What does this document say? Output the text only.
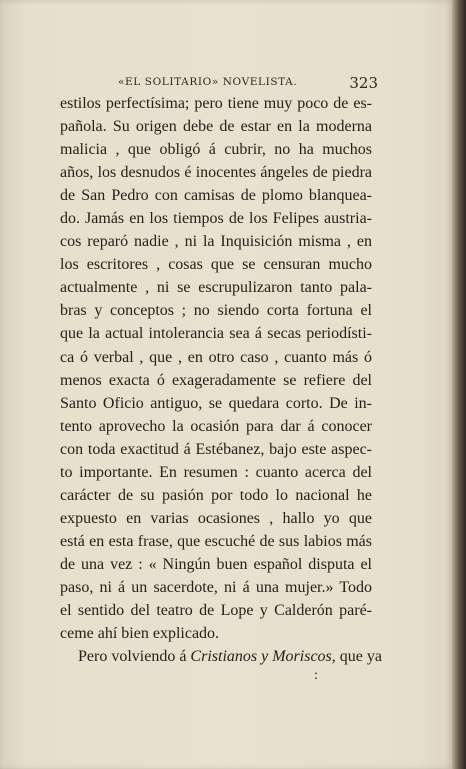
«EL SOLITARIO» NOVELISTA.	323
estilos perfectísima; pero tiene muy poco de es-
pañola. Su origen debe de estar en la moderna
malicia , que obligó á cubrir, no ha muchos
años, los desnudos é inocentes ángeles de piedra
de San Pedro con camisas de plomo blanquea-
do. Jamás en los tiempos de los Felipes austria-
cos reparó nadie , ni la Inquisición misma , en
los escritores , cosas que se censuran mucho
actualmente , ni se escrupulizaron tanto pala-
bras y conceptos ; no siendo corta fortuna el
que la actual intolerancia sea á secas periodísti-
ca ó verbal , que , en otro caso , cuanto más ó
menos exacta ó exageradamente se refiere del
Santo Oficio antiguo, se quedara corto. De in-
tento aprovecho la ocasión para dar á conocer
con toda exactitud á Estébanez, bajo este aspec-
to importante. En resumen : cuanto acerca del
carácter de su pasión por todo lo nacional he
expuesto en varias ocasiones , hallo yo que
está en esta frase, que escuché de sus labios más
de una vez : « Ningún buen español disputa el
paso, ni á un sacerdote, ni á una mujer.» Todo
el sentido del teatro de Lope y Calderón paré-
ceme ahí bien explicado.
Pero volviendo á Cristianos y Moriscos, que ya
:
